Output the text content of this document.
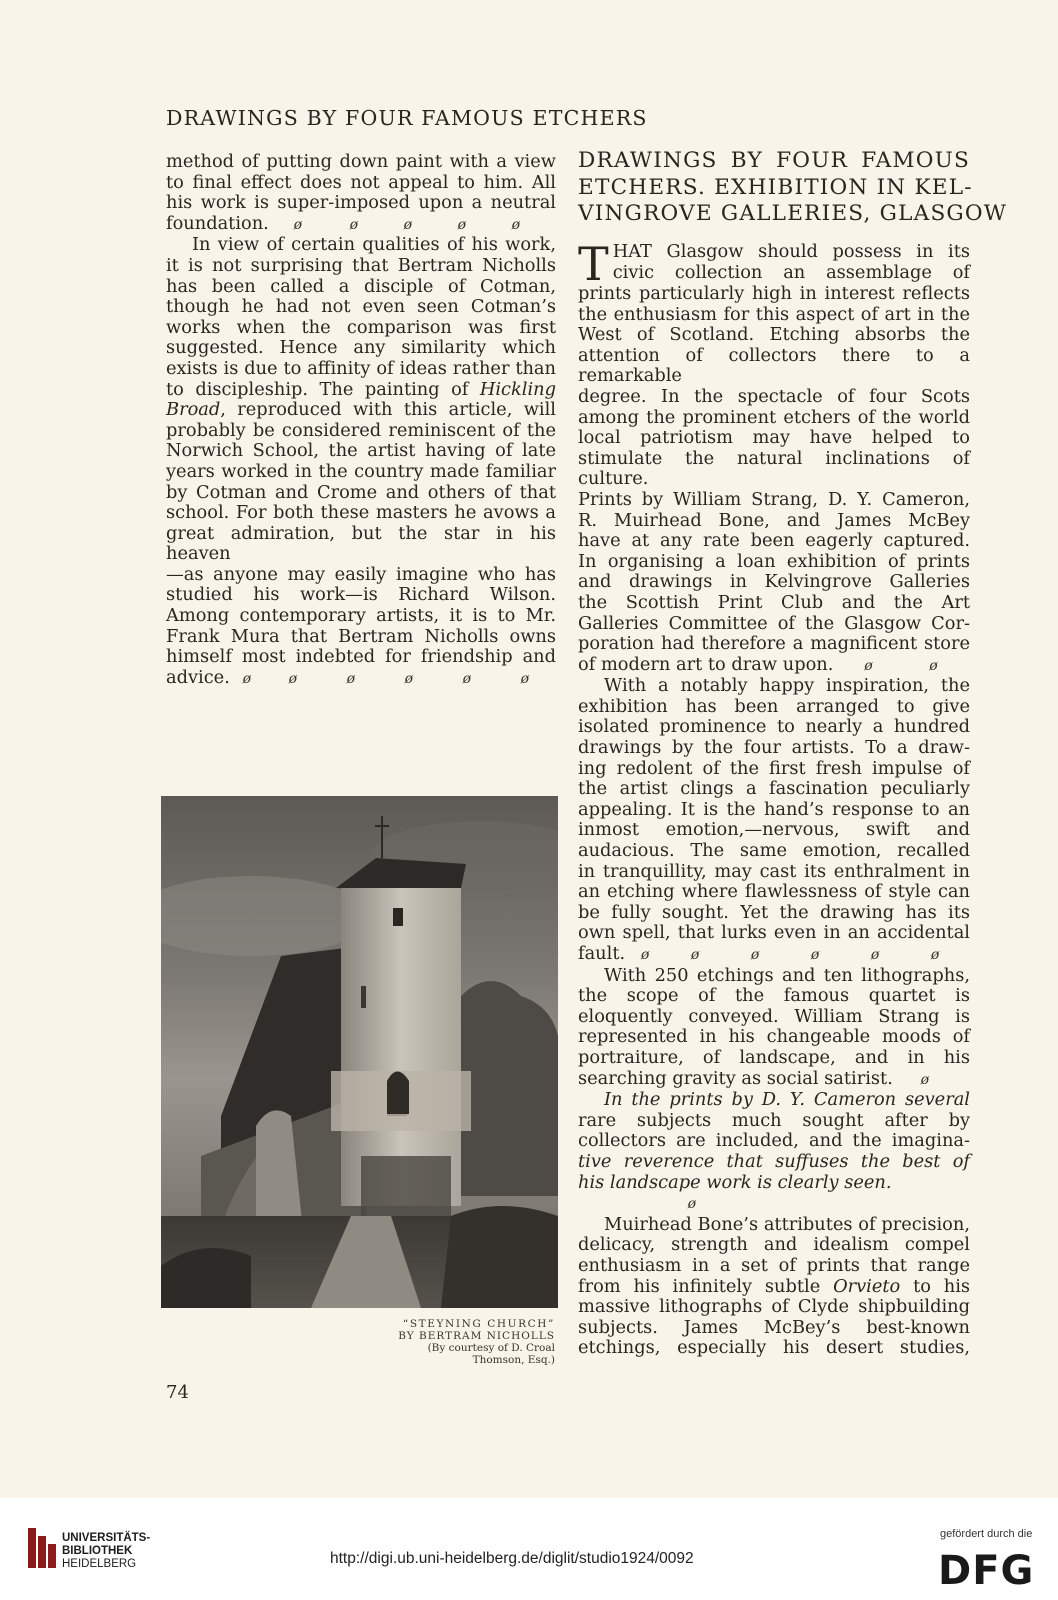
DRAWINGS BY FOUR FAMOUS ETCHERS

method of putting down paint with a view
to final effect does not appeal to him. All
his work is super-imposed upon a neutral
foundation. ø	ø	ø	ø	ø

In view of certain qualities of his work,
it is not surprising that Bertram Nicholls
has been called a disciple of Cotman,
though he had not even seen Cotman’s
works when the comparison was first
suggested. Hence any similarity which
exists is due to affinity of ideas rather than
to discipleship. The painting of Hickling
Broad, reproduced with this article, will
probably be considered reminiscent of the
Norwich School, the artist having of late
years worked in the country made familiar
by Cotman and Crome and others of that
school. For both these masters he avows a
great admiration, but the star in his heaven
—as anyone may easily imagine who has
studied his work—is Richard Wilson.
Among contemporary artists, it is to Mr.
Frank Mura that Bertram Nicholls owns
himself most indebted for friendship and
advice. ø	ø	ø	ø	ø	ø

“STEYNING CHURCH”
BY BERTRAM NICHOLLS
(By courtesy of D. Croal
Thomson, Esq.)
74
DRAWINGS BY FOUR FAMOUS
ETCHERS. EXHIBITION IN KEL-
VINGROVE GALLERIES, GLASGOW

T HAT Glasgow should possess in its
civic collection an assemblage of
prints particularly high in interest reflects
the enthusiasm for this aspect of art in the
West of Scotland. Etching absorbs the
attention of collectors there to a remarkable
degree. In the spectacle of four Scots
among the prominent etchers of the world
local patriotism may have helped to
stimulate the natural inclinations of culture.
Prints by William Strang, D. Y. Cameron,
R. Muirhead Bone, and James McBey
have at any rate been eagerly captured.
In organising a loan exhibition of prints
and drawings in Kelvingrove Galleries
the Scottish Print Club and the Art
Galleries Committee of the Glasgow Cor-
poration had therefore a magnificent store
of modern art to draw upon. ø	ø

With a notably happy inspiration, the
exhibition has been arranged to give
isolated prominence to nearly a hundred
drawings by the four artists. To a draw-
ing redolent of the first fresh impulse of
the artist clings a fascination peculiarly
appealing. It is the hand’s response to an
inmost emotion,—nervous, swift and
audacious. The same emotion, recalled
in tranquillity, may cast its enthralment in
an etching where flawlessness of style can
be fully sought. Yet the drawing has its
own spell, that lurks even in an accidental
fault. ø	ø	ø	ø	ø	ø

With 250 etchings and ten lithographs,
the scope of the famous quartet is
eloquently conveyed. William Strang is
represented in his changeable moods of
portraiture, of landscape, and in his
searching gravity as social satirist. ø

In the prints by D. Y. Cameron several
rare subjects much sought after by
collectors are included, and the imagina-
tive reverence that suffuses the best of
his landscape work is clearly seen.ø

Muirhead Bone’s attributes of precision,
delicacy, strength and idealism compel
enthusiasm in a set of prints that range
from his infinitely subtle Orvieto to his
massive lithographs of Clyde shipbuilding
subjects. James McBey’s best-known
etchings, especially his desert studies,

UNIVERSITÄTS-
BIBLIOTHEK
HEIDELBERG	http://digi.ub.uni-heidelberg.de/diglit/studio1924/0092
gefördert durch die
DFG
